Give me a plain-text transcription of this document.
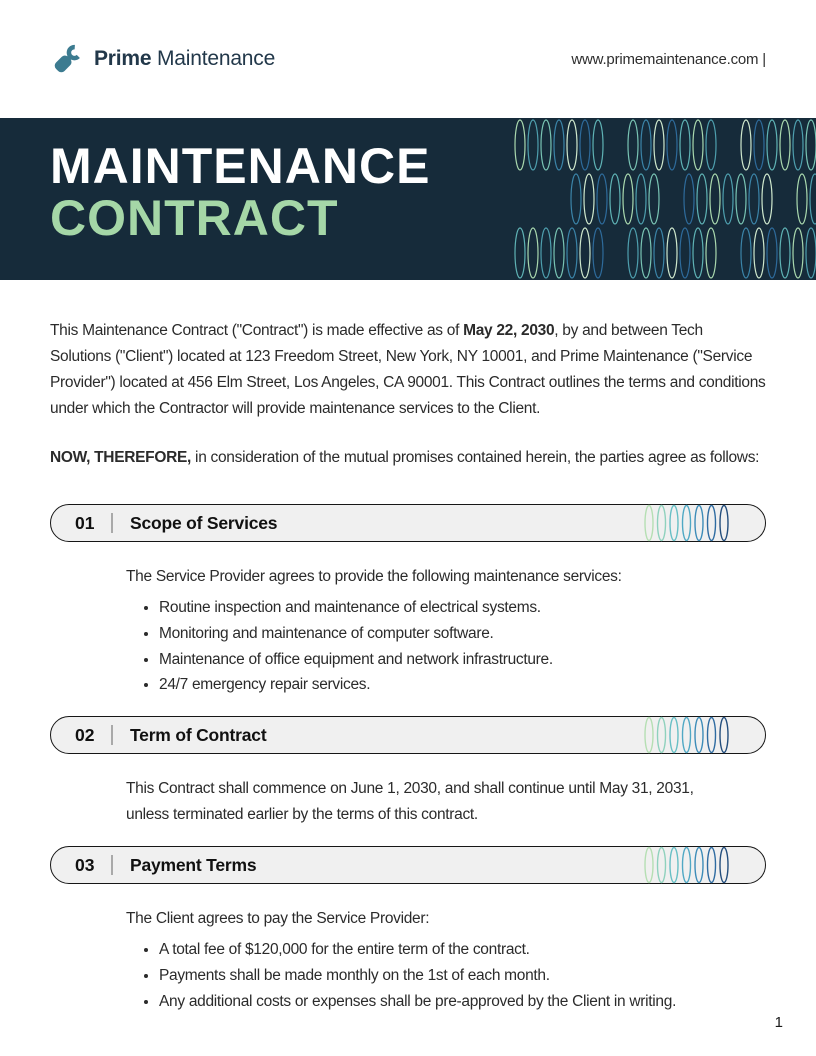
Prime Maintenance	www.primemaintenance.com |
MAINTENANCE
CONTRACT

This Maintenance Contract ("Contract") is made effective as of May 22, 2030, by and between Tech Solutions ("Client") located at 123 Freedom Street, New York, NY 10001, and Prime Maintenance ("Service Provider") located at 456 Elm Street, Los Angeles, CA 90001. This Contract outlines the terms and conditions under which the Contractor will provide maintenance services to the Client.

NOW, THEREFORE, in consideration of the mutual promises contained herein, the parties agree as follows:

01 Scope of Services

The Service Provider agrees to provide the following maintenance services:

• Routine inspection and maintenance of electrical systems.
• Monitoring and maintenance of computer software.
• Maintenance of office equipment and network infrastructure.
• 24/7 emergency repair services.
02 Term of Contract

This Contract shall commence on June 1, 2030, and shall continue until May 31, 2031, unless terminated earlier by the terms of this contract.

03 Payment Terms

The Client agrees to pay the Service Provider:

• A total fee of $120,000 for the entire term of the contract.
• Payments shall be made monthly on the 1st of each month.
• Any additional costs or expenses shall be pre-approved by the Client in writing.
1
